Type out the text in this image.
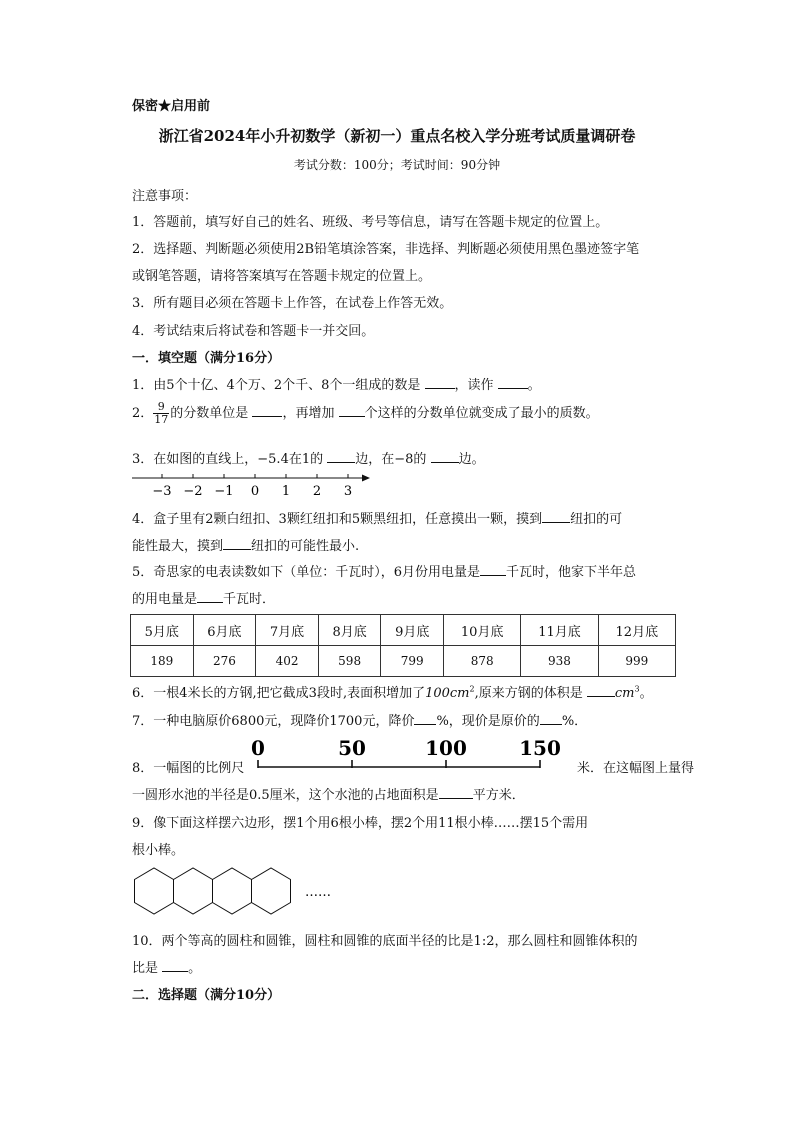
保密★启用前
浙江省2024年小升初数学（新初一）重点名校入学分班考试质量调研卷
考试分数：100分；考试时间：90分钟
注意事项：
1．答题前，填写好自己的姓名、班级、考号等信息，请写在答题卡规定的位置上。
2．选择题、判断题必须使用2B铅笔填涂答案，非选择、判断题必须使用黑色墨迹签字笔
或钢笔答题，请将答案填写在答题卡规定的位置上。
3．所有题目必须在答题卡上作答，在试卷上作答无效。
4．考试结束后将试卷和答题卡一并交回。
一．填空题（满分16分）
1．由5个十亿、4个万、2个千、8个一组成的数是	，读作	。
2． $\frac{9}{17}$ 的分数单位是	，再增加 个这样的分数单位就变成了最小的质数。
3．在如图的直线上，−5.4在1的 边，在−8的 边。
−3 −2 −1 0 1 2 3
4．盒子里有2颗白纽扣、3颗红纽扣和5颗黑纽扣，任意摸出一颗，摸到 纽扣的可
能性最大，摸到 纽扣的可能性最小.
5．奇思家的电表读数如下（单位：千瓦时），6月份用电量是 千瓦时，他家下半年总
的用电量是 千瓦时．
5月底	6月底	7月底	8月底	9月底	10月底	11月底	12月底
189	276	402	598	799	878	938	999
6．一根4米长的方钢,把它截成3段时,表面积增加了$100cm^2$,原来方钢的体积是 $cm^3$。
7．一种电脑原价6800元，现降价1700元，降价 %，现价是原价的 %．
8．一幅图的比例尺
0	50	100	150
米．在这幅图上量得
一圆形水池的半径是0.5厘米，这个水池的占地面积是	平方米．
9．像下面这样摆六边形，摆1个用6根小棒，摆2个用11根小棒……摆15个需用
根小棒。
……
10．两个等高的圆柱和圆锥，圆柱和圆锥的底面半径的比是1:2，那么圆柱和圆锥体积的
比是 。
二．选择题（满分10分）
